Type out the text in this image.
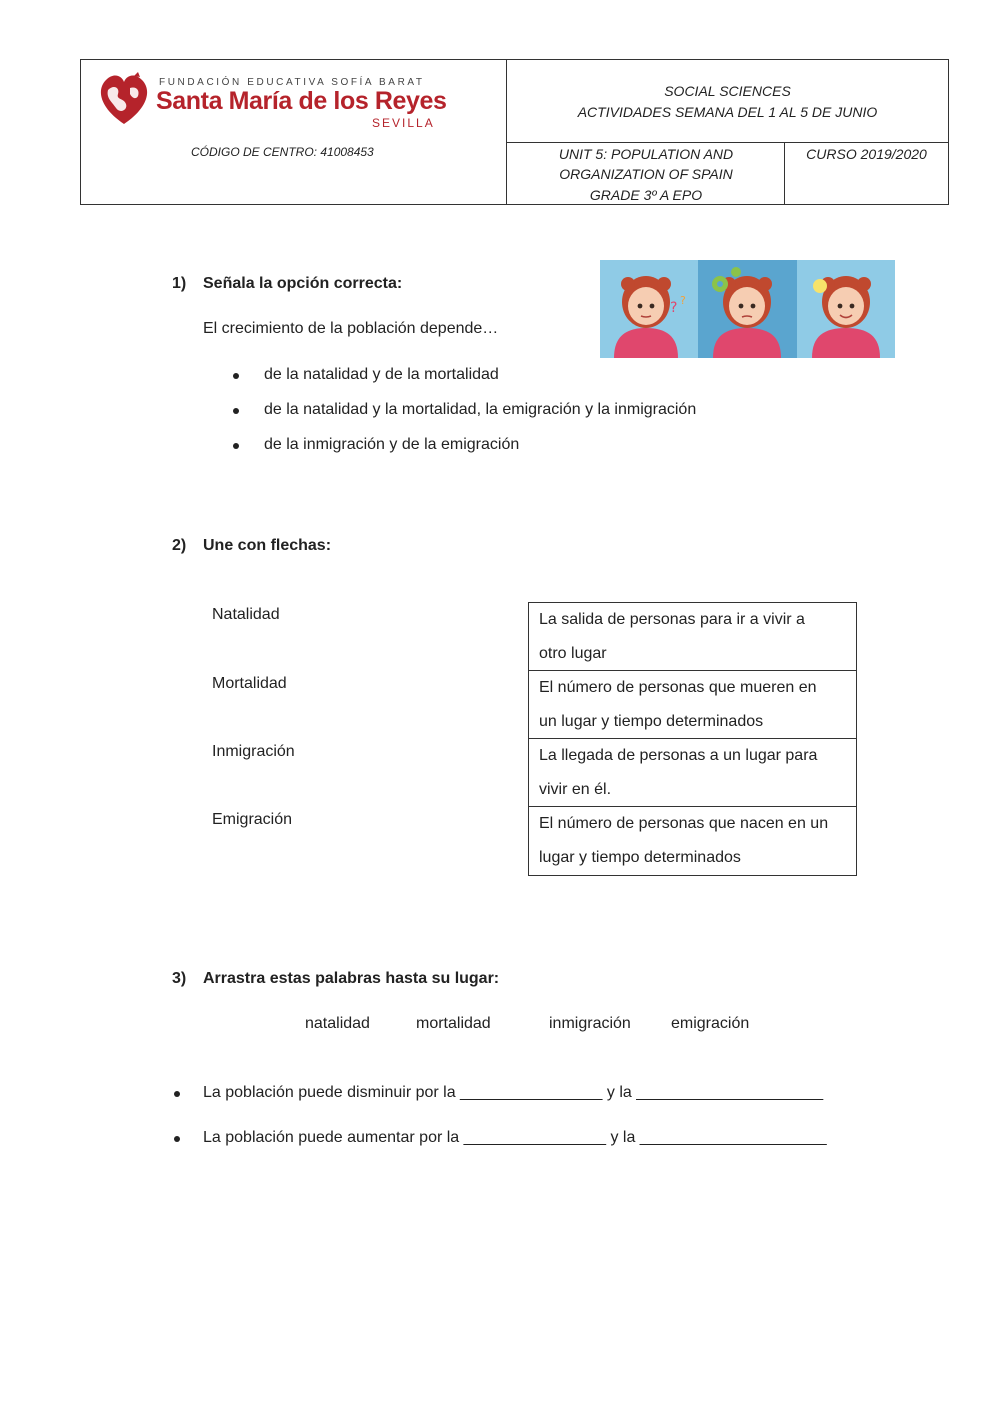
FUNDACIÓN EDUCATIVA SOFÍA BARAT
Santa María de los Reyes
SEVILLA
CÓDIGO DE CENTRO: 41008453
SOCIAL SCIENCES
ACTIVIDADES SEMANA DEL 1 AL 5 DE JUNIO
UNIT 5: POPULATION AND
ORGANIZATION OF SPAIN
GRADE 3º A EPO
CURSO 2019/2020
1) Señala la opción correcta:
El crecimiento de la población depende…
de la natalidad y de la mortalidad
de la natalidad y la mortalidad, la emigración y la inmigración
de la inmigración y de la emigración
? ?
2) Une con flechas:
Natalidad
Mortalidad
Inmigración
Emigración
La salida de personas para ir a vivir a
otro lugar
El número de personas que mueren en
un lugar y tiempo determinados
La llegada de personas a un lugar para
vivir en él.
El número de personas que nacen en un
lugar y tiempo determinados
3) Arrastra estas palabras hasta su lugar:
natalidad	mortalidad	inmigración	emigración
La población puede disminuir por la ________________ y la _____________________
La población puede aumentar por la ________________ y la _____________________
